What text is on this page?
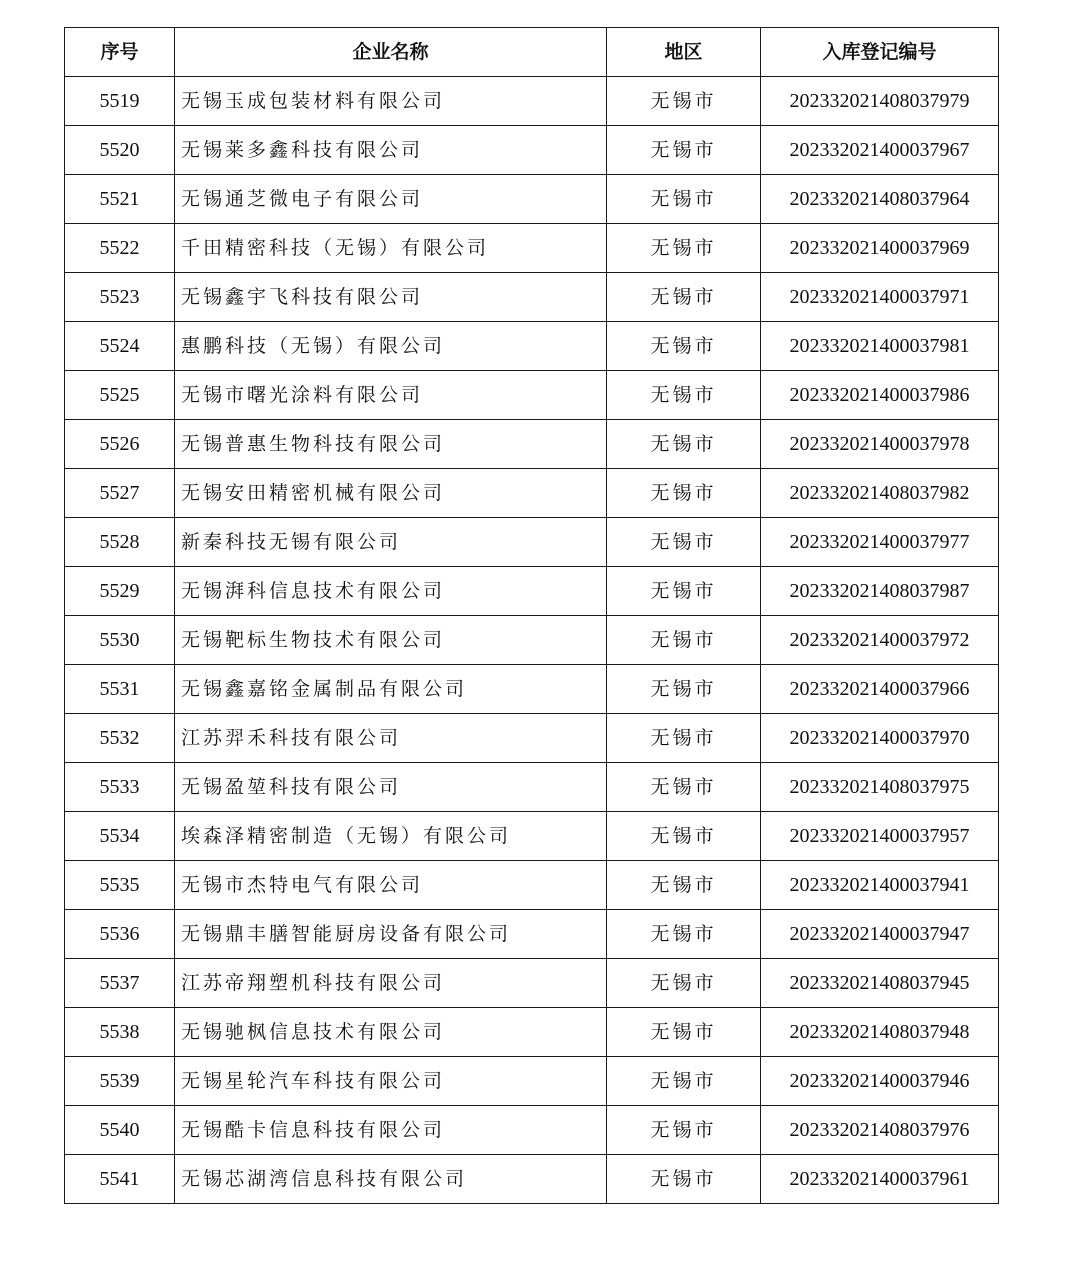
序号	企业名称	地区	入库登记编号
5519	无锡玉成包装材料有限公司	无锡市	202332021408037979
5520	无锡莱多鑫科技有限公司	无锡市	202332021400037967
5521	无锡通芝微电子有限公司	无锡市	202332021408037964
5522	千田精密科技（无锡）有限公司	无锡市	202332021400037969
5523	无锡鑫宇飞科技有限公司	无锡市	202332021400037971
5524	惠鹏科技（无锡）有限公司	无锡市	202332021400037981
5525	无锡市曙光涂料有限公司	无锡市	202332021400037986
5526	无锡普惠生物科技有限公司	无锡市	202332021400037978
5527	无锡安田精密机械有限公司	无锡市	202332021408037982
5528	新秦科技无锡有限公司	无锡市	202332021400037977
5529	无锡湃科信息技术有限公司	无锡市	202332021408037987
5530	无锡靶标生物技术有限公司	无锡市	202332021400037972
5531	无锡鑫嘉铭金属制品有限公司	无锡市	202332021400037966
5532	江苏羿禾科技有限公司	无锡市	202332021400037970
5533	无锡盈堃科技有限公司	无锡市	202332021408037975
5534	埃森泽精密制造（无锡）有限公司	无锡市	202332021400037957
5535	无锡市杰特电气有限公司	无锡市	202332021400037941
5536	无锡鼎丰膳智能厨房设备有限公司	无锡市	202332021400037947
5537	江苏帝翔塑机科技有限公司	无锡市	202332021408037945
5538	无锡驰枫信息技术有限公司	无锡市	202332021408037948
5539	无锡星轮汽车科技有限公司	无锡市	202332021400037946
5540	无锡酷卡信息科技有限公司	无锡市	202332021408037976
5541	无锡芯湖湾信息科技有限公司	无锡市	202332021400037961
